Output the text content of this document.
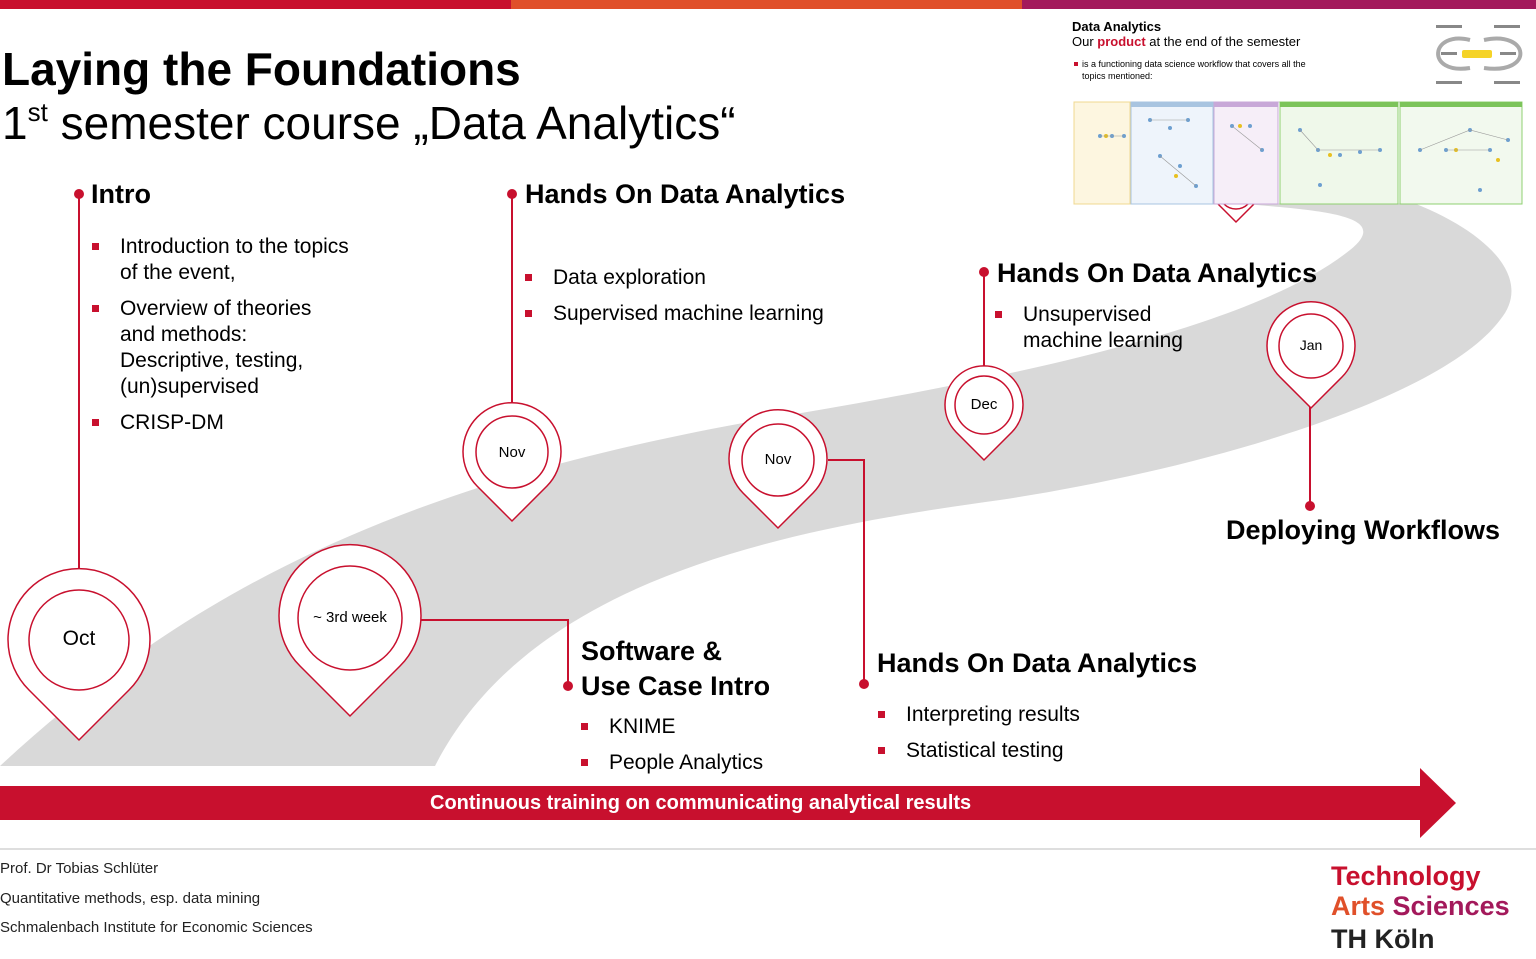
Laying the Foundations
1st semester course „Data Analytics“
Data Analytics
Our product at the end of the semester
is a functioning data science workflow that covers all the topics mentioned:
Oct
~ 3rd week
Nov	Nov
Dec
Jan
Intro
Introduction to the topics of the event,
Overview of theories and methods: Descriptive, testing, (un)supervised
CRISP-DM
Hands On Data Analytics
Data exploration
Supervised machine learning
Hands On Data Analytics
Unsupervised machine learning
Software &
Use Case Intro
KNIME
People Analytics
Hands On Data Analytics
Interpreting results
Statistical testing
Deploying Workflows
Continuous training on communicating analytical results
Prof. Dr Tobias Schlüter
Quantitative methods, esp. data mining
Schmalenbach Institute for Economic Sciences
Technology
Arts Sciences
TH Köln
